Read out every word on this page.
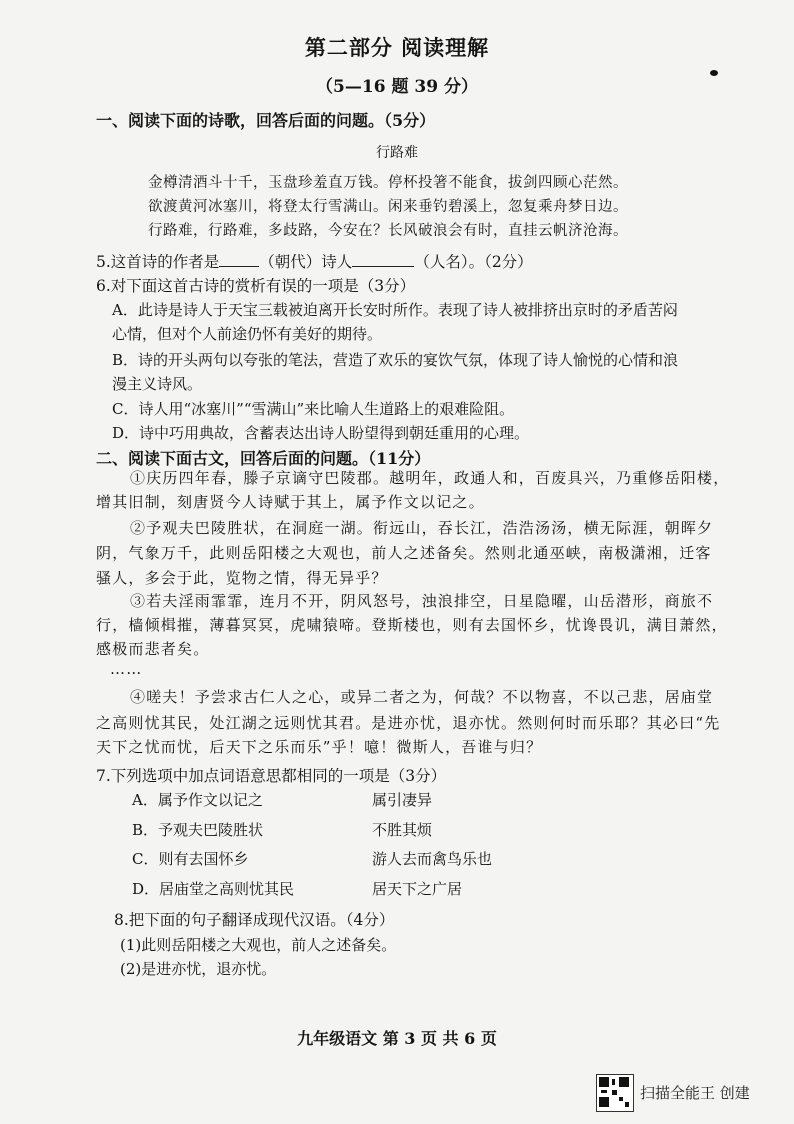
第二部分 阅读理解
（5—16 题 39 分）
一、阅读下面的诗歌，回答后面的问题。（5分）
行路难
金樽清酒斗十千，玉盘珍羞直万钱。停杯投箸不能食，拔剑四顾心茫然。
欲渡黄河冰塞川，将登太行雪满山。闲来垂钓碧溪上，忽复乘舟梦日边。
行路难，行路难，多歧路，今安在？长风破浪会有时，直挂云帆济沧海。
5.这首诗的作者是	（朝代）诗人	（人名）。（2分）
6.对下面这首古诗的赏析有误的一项是（3分）
A．此诗是诗人于天宝三载被迫离开长安时所作。表现了诗人被排挤出京时的矛盾苦闷
心情，但对个人前途仍怀有美好的期待。
B．诗的开头两句以夸张的笔法，营造了欢乐的宴饮气氛，体现了诗人愉悦的心情和浪
漫主义诗风。
C．诗人用“冰塞川”“雪满山”来比喻人生道路上的艰难险阻。
D．诗中巧用典故，含蓄表达出诗人盼望得到朝廷重用的心理。
二、阅读下面古文，回答后面的问题。（11分）
①庆历四年春，滕子京谪守巴陵郡。越明年，政通人和，百废具兴，乃重修岳阳楼，
增其旧制，刻唐贤今人诗赋于其上，属予作文以记之。
②予观夫巴陵胜状，在洞庭一湖。衔远山，吞长江，浩浩汤汤，横无际涯，朝晖夕
阴，气象万千，此则岳阳楼之大观也，前人之述备矣。然则北通巫峡，南极潇湘，迁客
骚人，多会于此，览物之情，得无异乎？
③若夫淫雨霏霏，连月不开，阴风怒号，浊浪排空，日星隐曜，山岳潜形，商旅不
行，樯倾楫摧，薄暮冥冥，虎啸猿啼。登斯楼也，则有去国怀乡，忧谗畏讥，满目萧然，
感极而悲者矣。
……
④嗟夫！予尝求古仁人之心，或异二者之为，何哉？不以物喜，不以己悲，居庙堂
之高则忧其民，处江湖之远则忧其君。是进亦忧，退亦忧。然则何时而乐耶？其必曰“先
天下之忧而忧，后天下之乐而乐”乎！噫！微斯人，吾谁与归？
7.下列选项中加点词语意思都相同的一项是（3分）
A．属予作文以记之	属引凄异
B．予观夫巴陵胜状	不胜其烦
C．则有去国怀乡	游人去而禽鸟乐也
D．居庙堂之高则忧其民	居天下之广居
8.把下面的句子翻译成现代汉语。（4分）
(1)此则岳阳楼之大观也，前人之述备矣。
(2)是进亦忧，退亦忧。
九年级语文 第 3 页 共 6 页
扫描全能王 创建
